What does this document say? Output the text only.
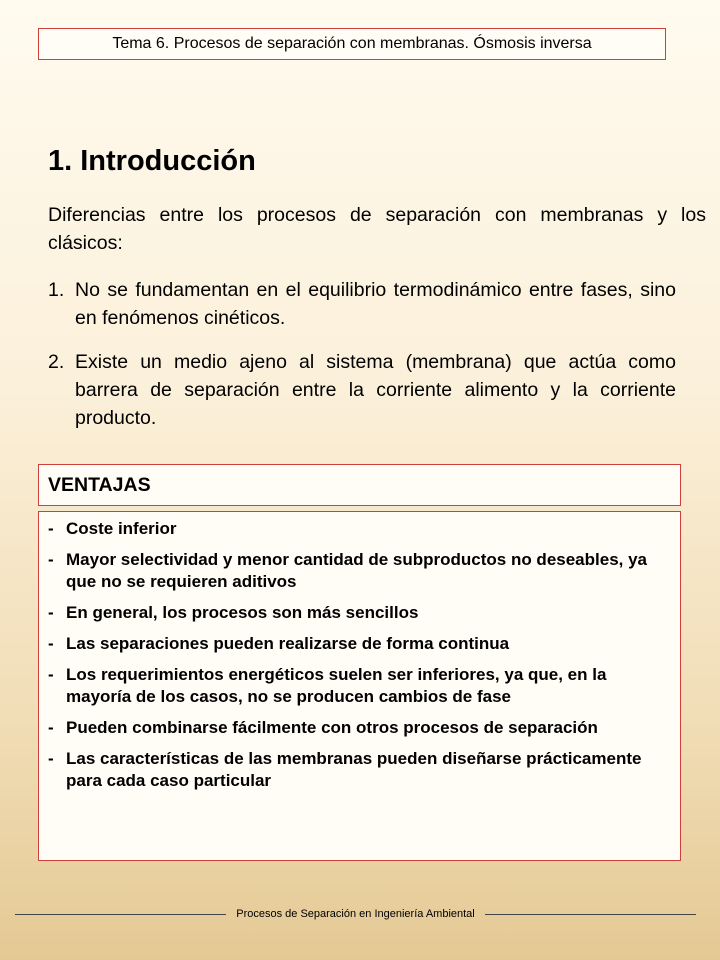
Tema 6. Procesos de separación con membranas. Ósmosis inversa
1. Introducción

Diferencias entre los procesos de separación con membranas y los clásicos:

1. No se fundamentan en el equilibrio termodinámico entre fases, sino en fenómenos cinéticos.
2. Existe un medio ajeno al sistema (membrana) que actúa como barrera de separación entre la corriente alimento y la corriente producto.
VENTAJAS
- Coste inferior
- Mayor selectividad y menor cantidad de subproductos no deseables, ya que no se requieren aditivos
- En general, los procesos son más sencillos
- Las separaciones pueden realizarse de forma continua
- Los requerimientos energéticos suelen ser inferiores, ya que, en la mayoría de los casos, no se producen cambios de fase
- Pueden combinarse fácilmente con otros procesos de separación
- Las características de las membranas pueden diseñarse prácticamente para cada caso particular
Procesos de Separación en Ingeniería Ambiental
